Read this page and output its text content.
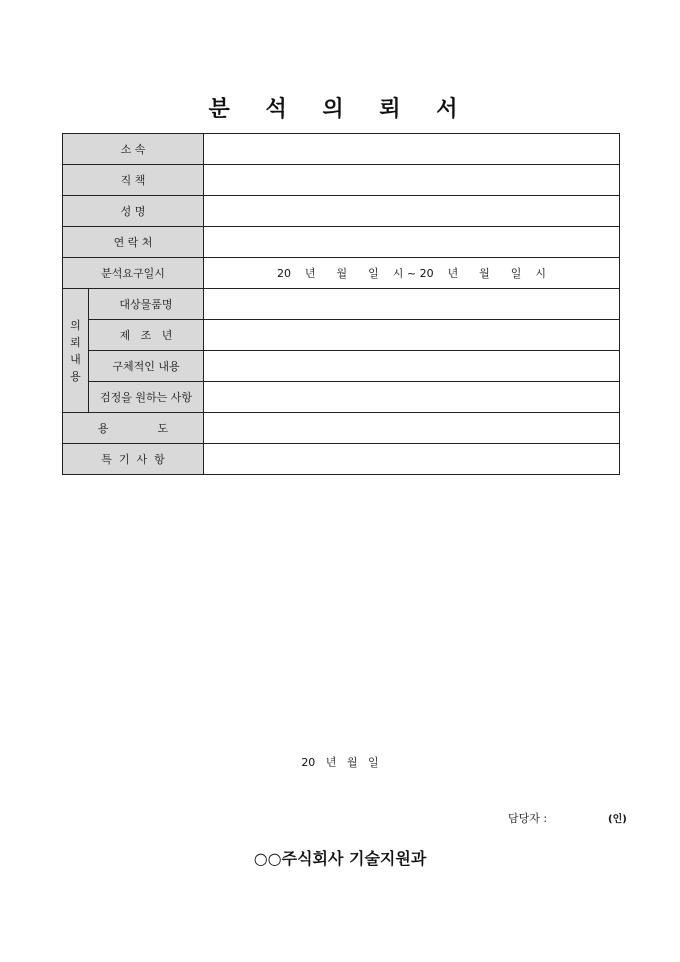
분 석 의 뢰 서
소 속		
직 책		
성 명		
연 락 처		
분석요구일시		20    년      월      일    시 ~ 20    년      월      일    시

의뢰내용	대상물품명	
	제   조   년	
	구체적인 내용	
	검정을 원하는 사항	
용              도		
특  기  사  항		
20   년   월   일
담당자 :	(인)
○○주식회사 기술지원과
